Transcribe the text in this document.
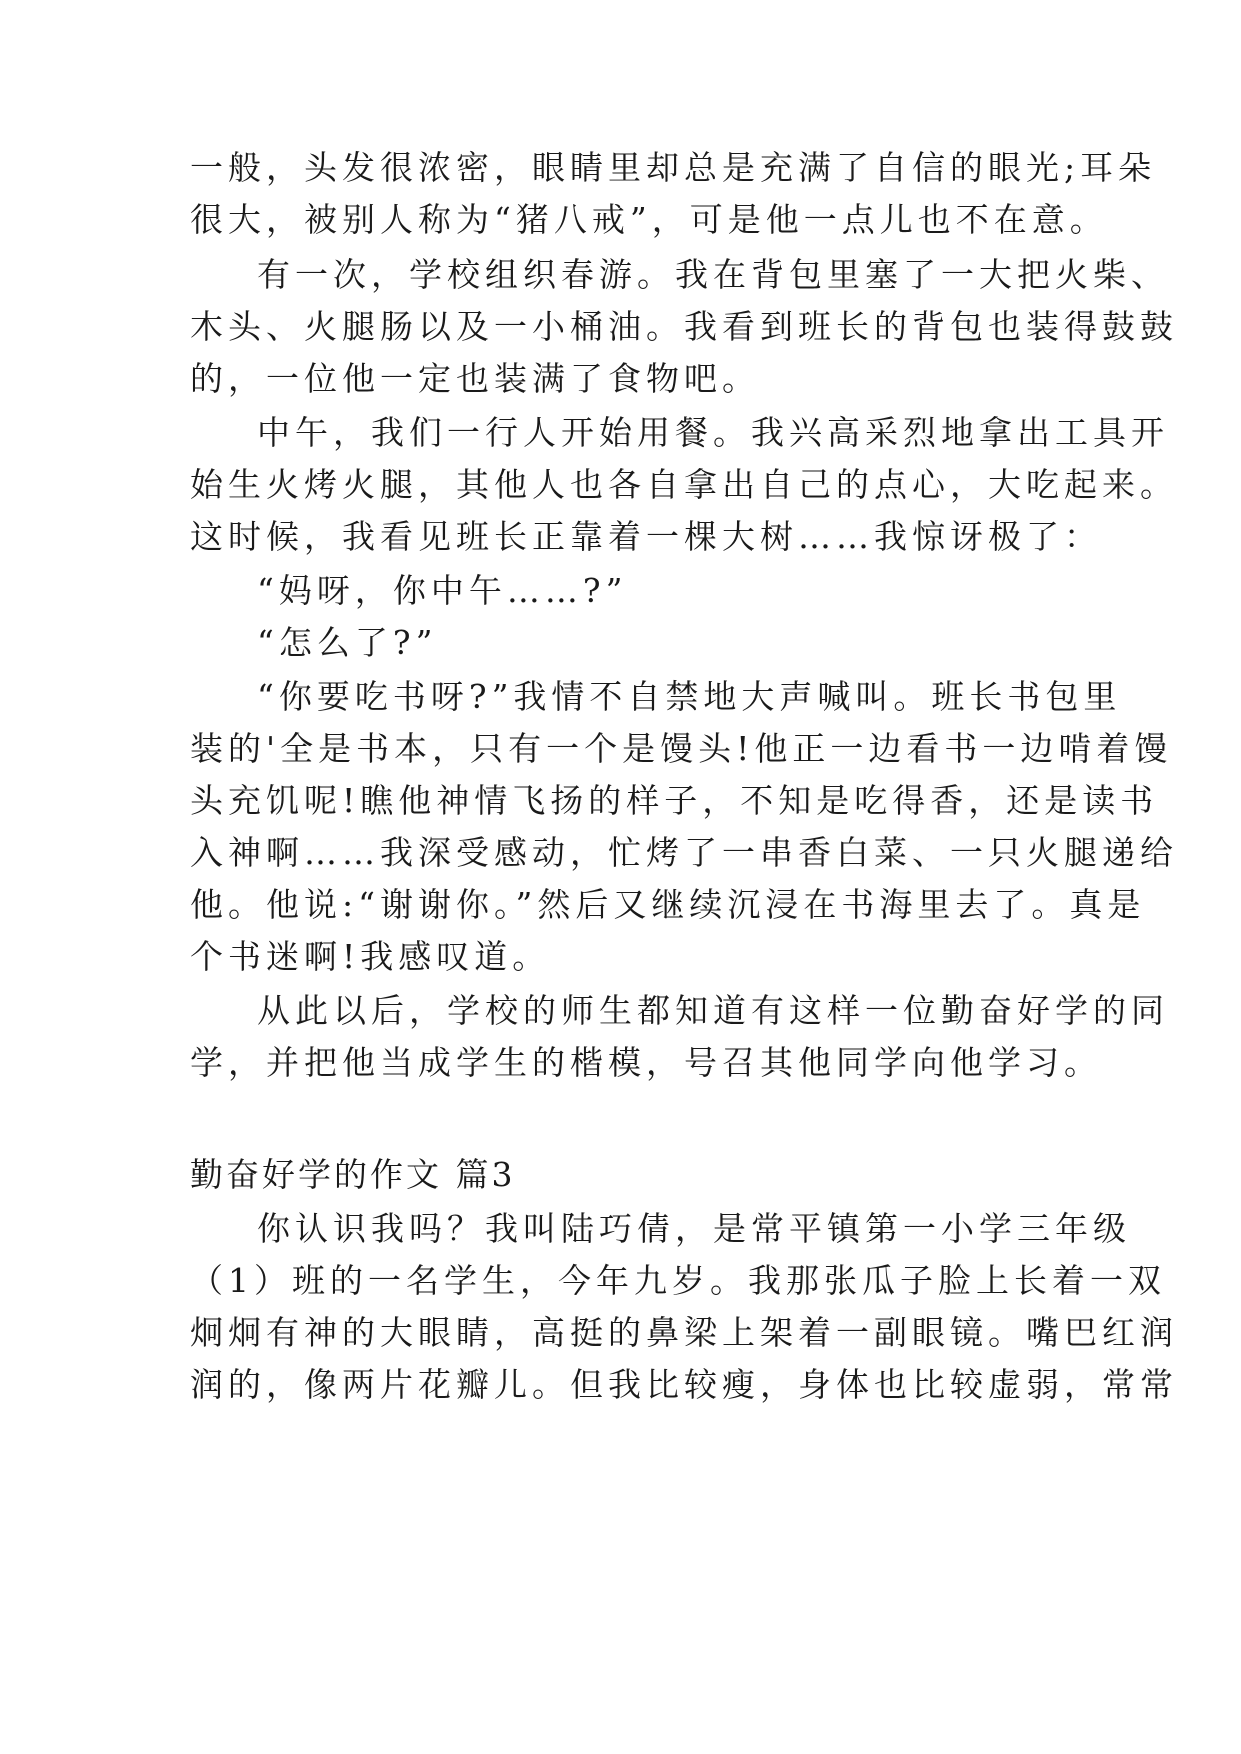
一般，头发很浓密，眼睛里却总是充满了自信的眼光;耳朵
很大，被别人称为“猪八戒”，可是他一点儿也不在意。
有一次，学校组织春游。我在背包里塞了一大把火柴、
木头、火腿肠以及一小桶油。我看到班长的背包也装得鼓鼓
的，一位他一定也装满了食物吧。
中午，我们一行人开始用餐。我兴高采烈地拿出工具开
始生火烤火腿，其他人也各自拿出自己的点心，大吃起来。
这时候，我看见班长正靠着一棵大树……我惊讶极了：
“妈呀，你中午……?”
“怎么了?”
“你要吃书呀?”我情不自禁地大声喊叫。班长书包里
装的'全是书本，只有一个是馒头!他正一边看书一边啃着馒
头充饥呢!瞧他神情飞扬的样子，不知是吃得香，还是读书
入神啊……我深受感动，忙烤了一串香白菜、一只火腿递给
他。他说:“谢谢你。”然后又继续沉浸在书海里去了。真是
个书迷啊!我感叹道。
从此以后，学校的师生都知道有这样一位勤奋好学的同
学，并把他当成学生的楷模，号召其他同学向他学习。
勤奋好学的作文 篇3
你认识我吗？我叫陆巧倩，是常平镇第一小学三年级
（1）班的一名学生，今年九岁。我那张瓜子脸上长着一双
炯炯有神的大眼睛，高挺的鼻梁上架着一副眼镜。嘴巴红润
润的，像两片花瓣儿。但我比较瘦，身体也比较虚弱，常常
